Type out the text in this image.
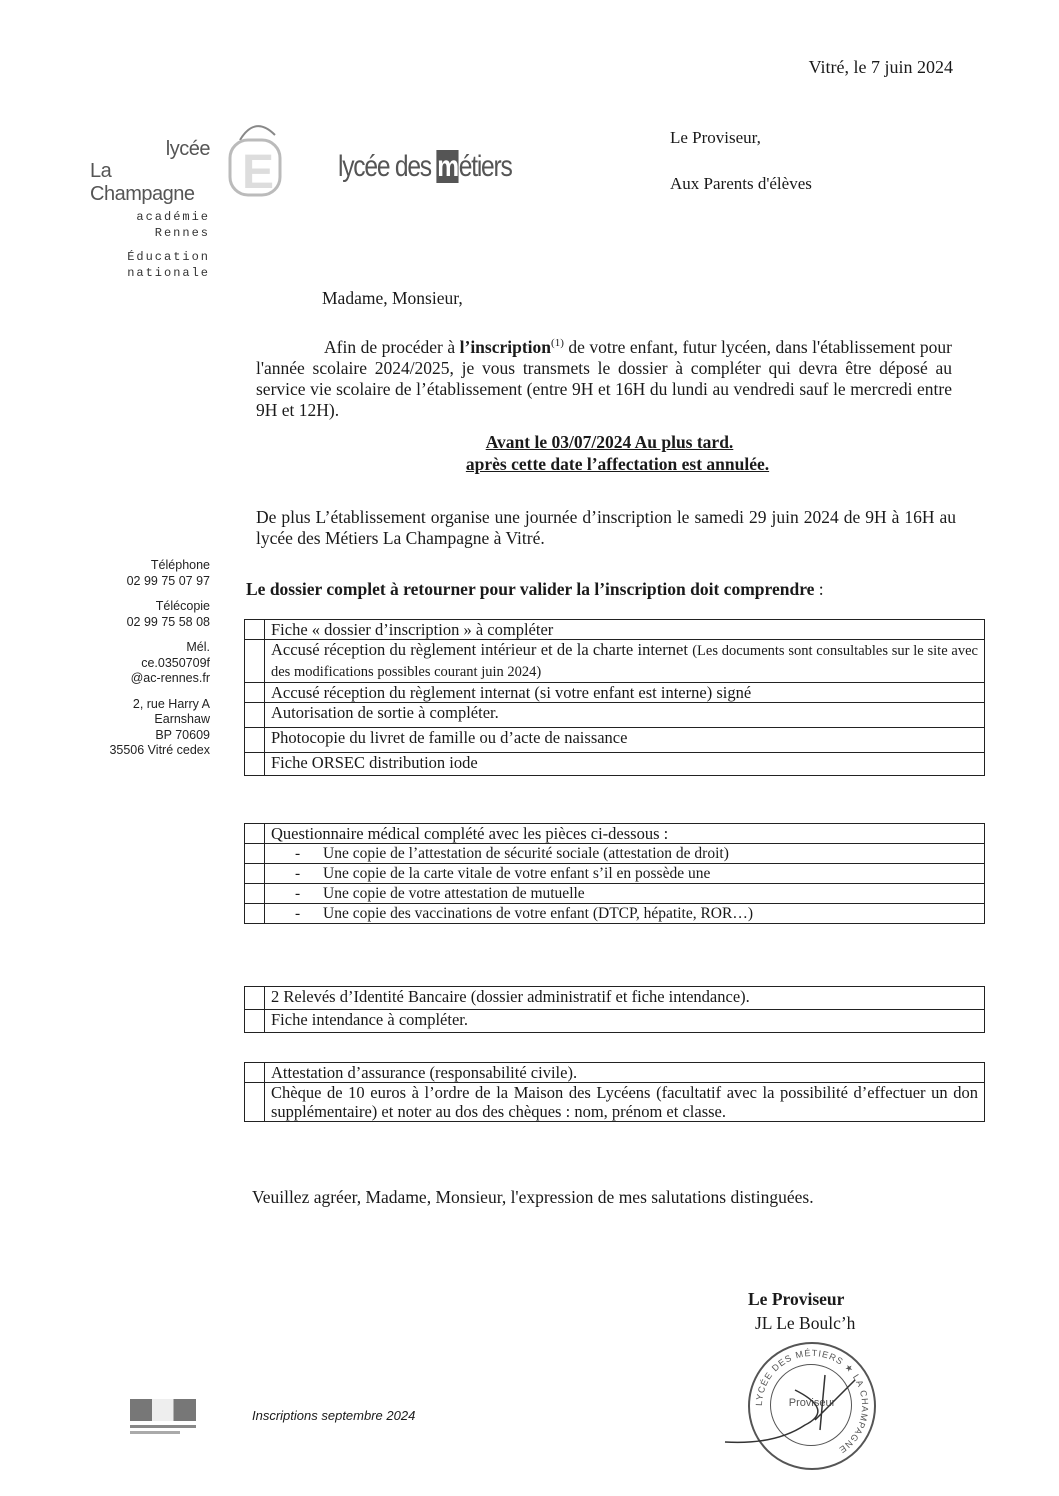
Vitré, le 7 juin 2024
Le Proviseur,
Aux Parents d'élèves
E
lycée
La Champagne
académie
Rennes
Éducation
nationale
lycée des métiers
Téléphone
02 99 75 07 97
Télécopie
02 99 75 58 08
Mél.
ce.0350709f
@ac-rennes.fr
2, rue Harry A
Earnshaw
BP 70609
35506 Vitré cedex
Madame, Monsieur,
Afin de procéder à l’inscription$^{(1)}$ de votre enfant, futur lycéen, dans l'établissement pour l'année scolaire 2024/2025, je vous transmets le dossier à compléter qui devra être déposé au service vie scolaire de l’établissement (entre 9H et 16H du lundi au vendredi sauf le mercredi entre 9H et 12H).
Avant le 03/07/2024 Au plus tard.
après cette date l’affectation est annulée.
De plus L’établissement organise une journée d’inscription le samedi 29 juin 2024 de 9H à 16H au lycée des Métiers La Champagne à Vitré.
Le dossier complet à retourner pour valider la l’inscription doit comprendre :
	Fiche « dossier d’inscription » à compléter
	Accusé réception du règlement intérieur et de la charte internet (Les documents sont consultables sur le site avec des modifications possibles courant juin 2024)
	Accusé réception du règlement internat (si votre enfant est interne) signé
	Autorisation de sortie à compléter.
	Photocopie du livret de famille ou d’acte de naissance
	Fiche ORSEC distribution iode
	Questionnaire médical complété avec les pièces ci-dessous :
	- Une copie de l’attestation de sécurité sociale (attestation de droit)
	- Une copie de la carte vitale de votre enfant s’il en possède une
	- Une copie de votre attestation de mutuelle
	- Une copie des vaccinations de votre enfant (DTCP, hépatite, ROR…)
	2 Relevés d’Identité Bancaire (dossier administratif et fiche intendance).
	Fiche intendance à compléter.
	Attestation d’assurance (responsabilité civile).
	Chèque de 10 euros à l’ordre de la Maison des Lycéens (facultatif avec la possibilité d’effectuer un don supplémentaire) et noter au dos des chèques : nom, prénom et classe.
Veuillez agréer, Madame, Monsieur, l'expression de mes salutations distinguées.
Le Proviseur
JL Le Boulc’h
Proviseur
LYCÉE DES MÉTIERS ★ LA CHAMPAGNE
Inscriptions septembre 2024
